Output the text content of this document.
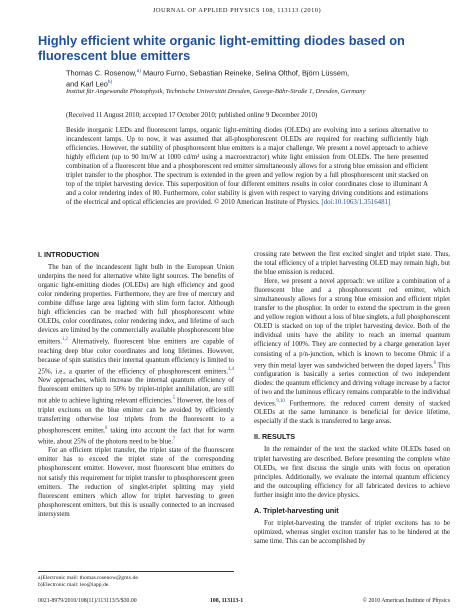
JOURNAL OF APPLIED PHYSICS 108, 113113 (2010)
Highly efficient white organic light-emitting diodes based on fluorescent blue emitters
Thomas C. Rosenow,$^{a)}$ Mauro Furno, Sebastian Reineke, Selina Olthof, Björn Lüssem,
and Karl Leo$^{b)}$
Institut für Angewandte Photophysik, Technische Universität Dresden, George-Bähr-Straße 1, Dresden, Germany
(Received 11 August 2010; accepted 17 October 2010; published online 9 December 2010)
Beside inorganic LEDs and fluorescent lamps, organic light-emitting diodes (OLEDs) are evolving into a serious alternative to incandescent lamps. Up to now, it was assumed that all-phosphorescent OLEDs are required for reaching sufficiently high efficiencies. However, the stability of phosphorescent blue emitters is a major challenge. We present a novel approach to achieve highly efficient (up to 90 lm/W at 1000 cd/m² using a macroextractor) white light emission from OLEDs. The here presented combination of a fluorescent blue and a phosphorescent red emitter simultaneously allows for a strong blue emission and efficient triplet transfer to the phosphor. The spectrum is extended in the green and yellow region by a full phosphorescent unit stacked on top of the triplet harvesting device. This superposition of four different emitters results in color coordinates close to illuminant A and a color rendering index of 80. Furthermore, color stability is given with respect to varying driving conditions and estimations of the electrical and optical efficiencies are provided. © 2010 American Institute of Physics. [doi:10.1063/1.3516481]
I. INTRODUCTION

The ban of the incandescent light bulb in the European Union underpins the need for alternative white light sources. The benefits of organic light-emitting diodes (OLEDs) are high efficiency and good color rendering properties. Furthermore, they are free of mercury and combine diffuse large area lighting with slim form factor. Although high efficiencies can be reached with full phosphorescent white OLEDs, color coordinates, color rendering index, and lifetime of such devices are limited by the commercially available phosphorescent blue emitters.$^{1,2}$ Alternatively, fluorescent blue emitters are capable of reaching deep blue color coordinates and long lifetimes. However, because of spin statistics their internal quantum efficiency is limited to 25%, i.e., a quarter of the efficiency of phosphorescent emitters.$^{3,4}$ New approaches, which increase the internal quantum efficiency of fluorescent emitters up to 50% by triplet-triplet annihilation, are still not able to achieve lighting relevant efficiencies.$^5$ However, the loss of triplet excitons on the blue emitter can be avoided by efficiently transferring otherwise lost triplets from the fluorescent to a phosphorescent emitter,$^6$ taking into account the fact that for warm white, about 25% of the photons need to be blue.$^7$

For an efficient triplet transfer, the triplet state of the fluorescent emitter has to exceed the triplet state of the corresponding phosphorescent emitter. However, most fluorescent blue emitters do not satisfy this requirement for triplet transfer to phosphorescent green emitters. The reduction of singlet-triplet splitting may yield fluorescent emitters which allow for triplet harvesting to green phosphorescent emitters, but this is usually connected to an increased intersystem

crossing rate between the first excited singlet and triplet state. Thus, the total efficiency of a triplet harvesting OLED may remain high, but the blue emission is reduced.

Here, we present a novel approach: we utilize a combination of a fluorescent blue and a phosphorescent red emitter, which simultaneously allows for a strong blue emission and efficient triplet transfer to the phosphor. In order to extend the spectrum in the green and yellow region without a loss of blue singlets, a full phosphorescent OLED is stacked on top of the triplet harvesting device. Both of the individual units have the ability to reach an internal quantum efficiency of 100%. They are connected by a charge generation layer consisting of a p/n-junction, which is known to become Ohmic if a very thin metal layer was sandwiched between the doped layers.$^8$ This configuration is basically a series connection of two independent diodes: the quantum efficiency and driving voltage increase by a factor of two and the luminous efficacy remains comparable to the individual devices.$^{9,10}$ Furthermore, the reduced current density of stacked OLEDs at the same luminance is beneficial for device lifetime, especially if the stack is transferred to large areas.

II. RESULTS

In the remainder of the text the stacked white OLEDs based on triplet harvesting are described. Before presenting the complete white OLEDs, we first discuss the single units with focus on operation principles. Additionally, we evaluate the internal quantum efficiency and the outcoupling efficiency for all fabricated devices to achieve further insight into the device physics.

A. Triplet-harvesting unit

For triplet-harvesting the transfer of triplet excitons has to be optimized, whereas singlet exciton transfer has to be hindered at the same time. This can be accomplished by

a)Electronic mail: thomas.rosenow@gmx.de.
b)Electronic mail: leo@iapp.de.
0021-8979/2010/108(11)/113113/5/$30.00	108, 113113-1	© 2010 American Institute of Physics
